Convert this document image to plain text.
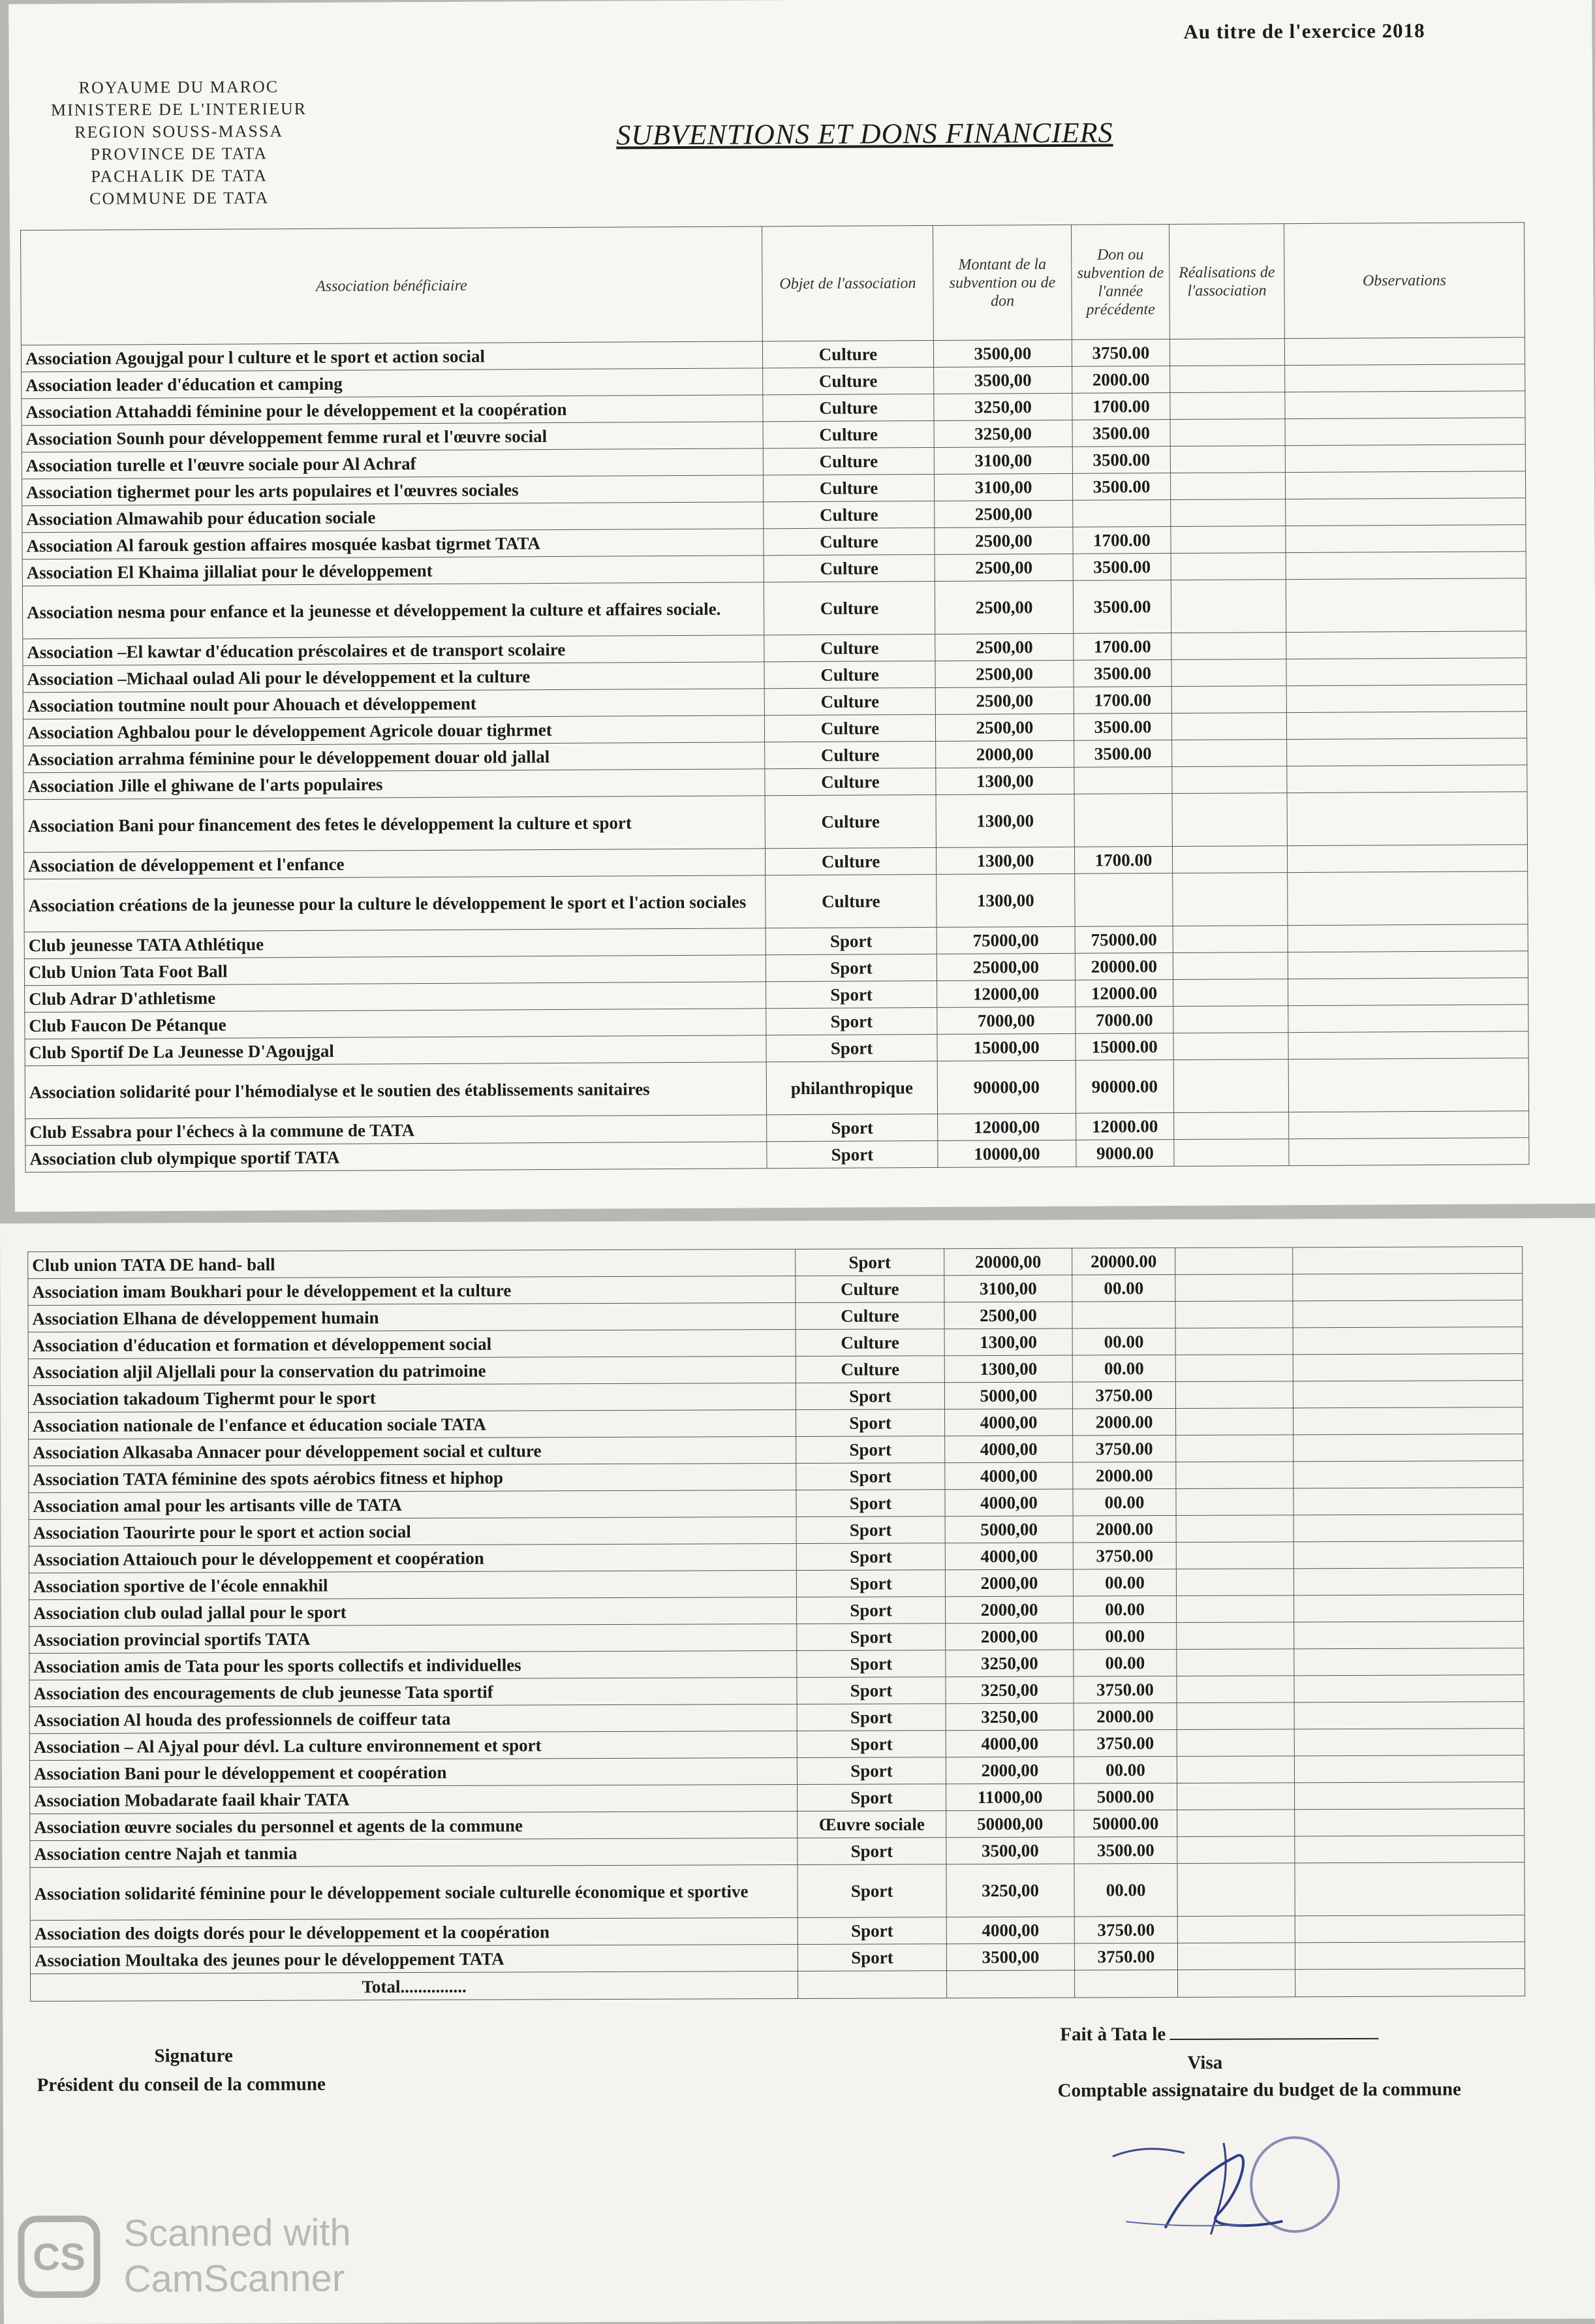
Au titre de l'exercice 2018
ROYAUME DU MAROC
MINISTERE DE L'INTERIEUR
REGION SOUSS-MASSA
PROVINCE DE TATA
PACHALIK DE TATA
COMMUNE DE TATA
SUBVENTIONS ET DONS FINANCIERS
Association bénéficiaire	Objet de l'association	Montant de la subvention ou de don	Don ou subvention de l'année précédente	Réalisations de l'association	Observations
Association Agoujgal pour l culture et le sport et action social	Culture	3500,00	3750.00		
Association leader d'éducation et camping	Culture	3500,00	2000.00		
Association Attahaddi féminine pour le développement et la coopération	Culture	3250,00	1700.00		
Association Sounh pour développement femme rural et l'œuvre social	Culture	3250,00	3500.00		
Association turelle et l'œuvre sociale pour Al Achraf	Culture	3100,00	3500.00		
Association tighermet pour les arts populaires et l'œuvres sociales	Culture	3100,00	3500.00		
Association Almawahib pour éducation sociale	Culture	2500,00			
Association Al farouk gestion affaires mosquée kasbat tigrmet TATA	Culture	2500,00	1700.00		
Association El Khaima jillaliat pour le développement	Culture	2500,00	3500.00		
Association nesma pour enfance et la jeunesse et développement la culture et affaires sociale.	Culture	2500,00	3500.00		
Association –El kawtar d'éducation préscolaires et de transport scolaire	Culture	2500,00	1700.00		
Association –Michaal oulad Ali pour le développement et la culture	Culture	2500,00	3500.00		
Association toutmine noult pour Ahouach et développement	Culture	2500,00	1700.00		
Association Aghbalou pour le développement Agricole douar tighrmet	Culture	2500,00	3500.00		
Association arrahma féminine pour le développement douar old jallal	Culture	2000,00	3500.00		
Association Jille el ghiwane de l'arts populaires	Culture	1300,00			
Association Bani pour financement des fetes le développement la culture et sport	Culture	1300,00			
Association de développement et l'enfance	Culture	1300,00	1700.00		
Association créations de la jeunesse pour la culture le développement le sport et l'action sociales	Culture	1300,00			
Club jeunesse TATA Athlétique	Sport	75000,00	75000.00		
Club Union Tata Foot Ball	Sport	25000,00	20000.00		
Club Adrar D'athletisme	Sport	12000,00	12000.00		
Club Faucon De Pétanque	Sport	7000,00	7000.00		
Club Sportif De La Jeunesse D'Agoujgal	Sport	15000,00	15000.00		
Association solidarité pour l'hémodialyse et le soutien des établissements sanitaires	philanthropique	90000,00	90000.00		
Club Essabra pour l'échecs à la commune de TATA	Sport	12000,00	12000.00		
Association club olympique sportif TATA	Sport	10000,00	9000.00		
Club union TATA DE hand- ball	Sport	20000,00	20000.00		
Association imam Boukhari pour le développement et la culture	Culture	3100,00	00.00		
Association Elhana de développement humain	Culture	2500,00			
Association d'éducation et formation et développement social	Culture	1300,00	00.00		
Association aljil Aljellali pour la conservation du patrimoine	Culture	1300,00	00.00		
Association takadoum Tighermt pour le sport	Sport	5000,00	3750.00		
Association nationale de l'enfance et éducation sociale TATA	Sport	4000,00	2000.00		
Association Alkasaba Annacer pour développement social et culture	Sport	4000,00	3750.00		
Association TATA féminine des spots aérobics fitness et hiphop	Sport	4000,00	2000.00		
Association amal pour les artisants ville de TATA	Sport	4000,00	00.00		
Association Taourirte pour le sport et action social	Sport	5000,00	2000.00		
Association Attaiouch pour le développement et coopération	Sport	4000,00	3750.00		
Association sportive de l'école ennakhil	Sport	2000,00	00.00		
Association club oulad jallal pour le sport	Sport	2000,00	00.00		
Association provincial sportifs TATA	Sport	2000,00	00.00		
Association amis de Tata pour les sports collectifs et individuelles	Sport	3250,00	00.00		
Association des encouragements de club jeunesse Tata sportif	Sport	3250,00	3750.00		
Association Al houda des professionnels de coiffeur tata	Sport	3250,00	2000.00		
Association – Al Ajyal pour dévl. La culture environnement et sport	Sport	4000,00	3750.00		
Association Bani pour le développement et coopération	Sport	2000,00	00.00		
Association Mobadarate faail khair TATA	Sport	11000,00	5000.00		
Association œuvre sociales du personnel et agents de la commune	Œuvre sociale	50000,00	50000.00		
Association centre Najah et tanmia	Sport	3500,00	3500.00		
Association solidarité féminine pour le développement sociale culturelle économique et sportive	Sport	3250,00	00.00		
Association des doigts dorés pour le développement et la coopération	Sport	4000,00	3750.00		
Association Moultaka des jeunes pour le développement TATA	Sport	3500,00	3750.00		
Total...............					
Signature
Président du conseil de la commune
Fait à Tata le
Visa
Comptable assignataire du budget de la commune
CS
Scanned with
CamScanner
